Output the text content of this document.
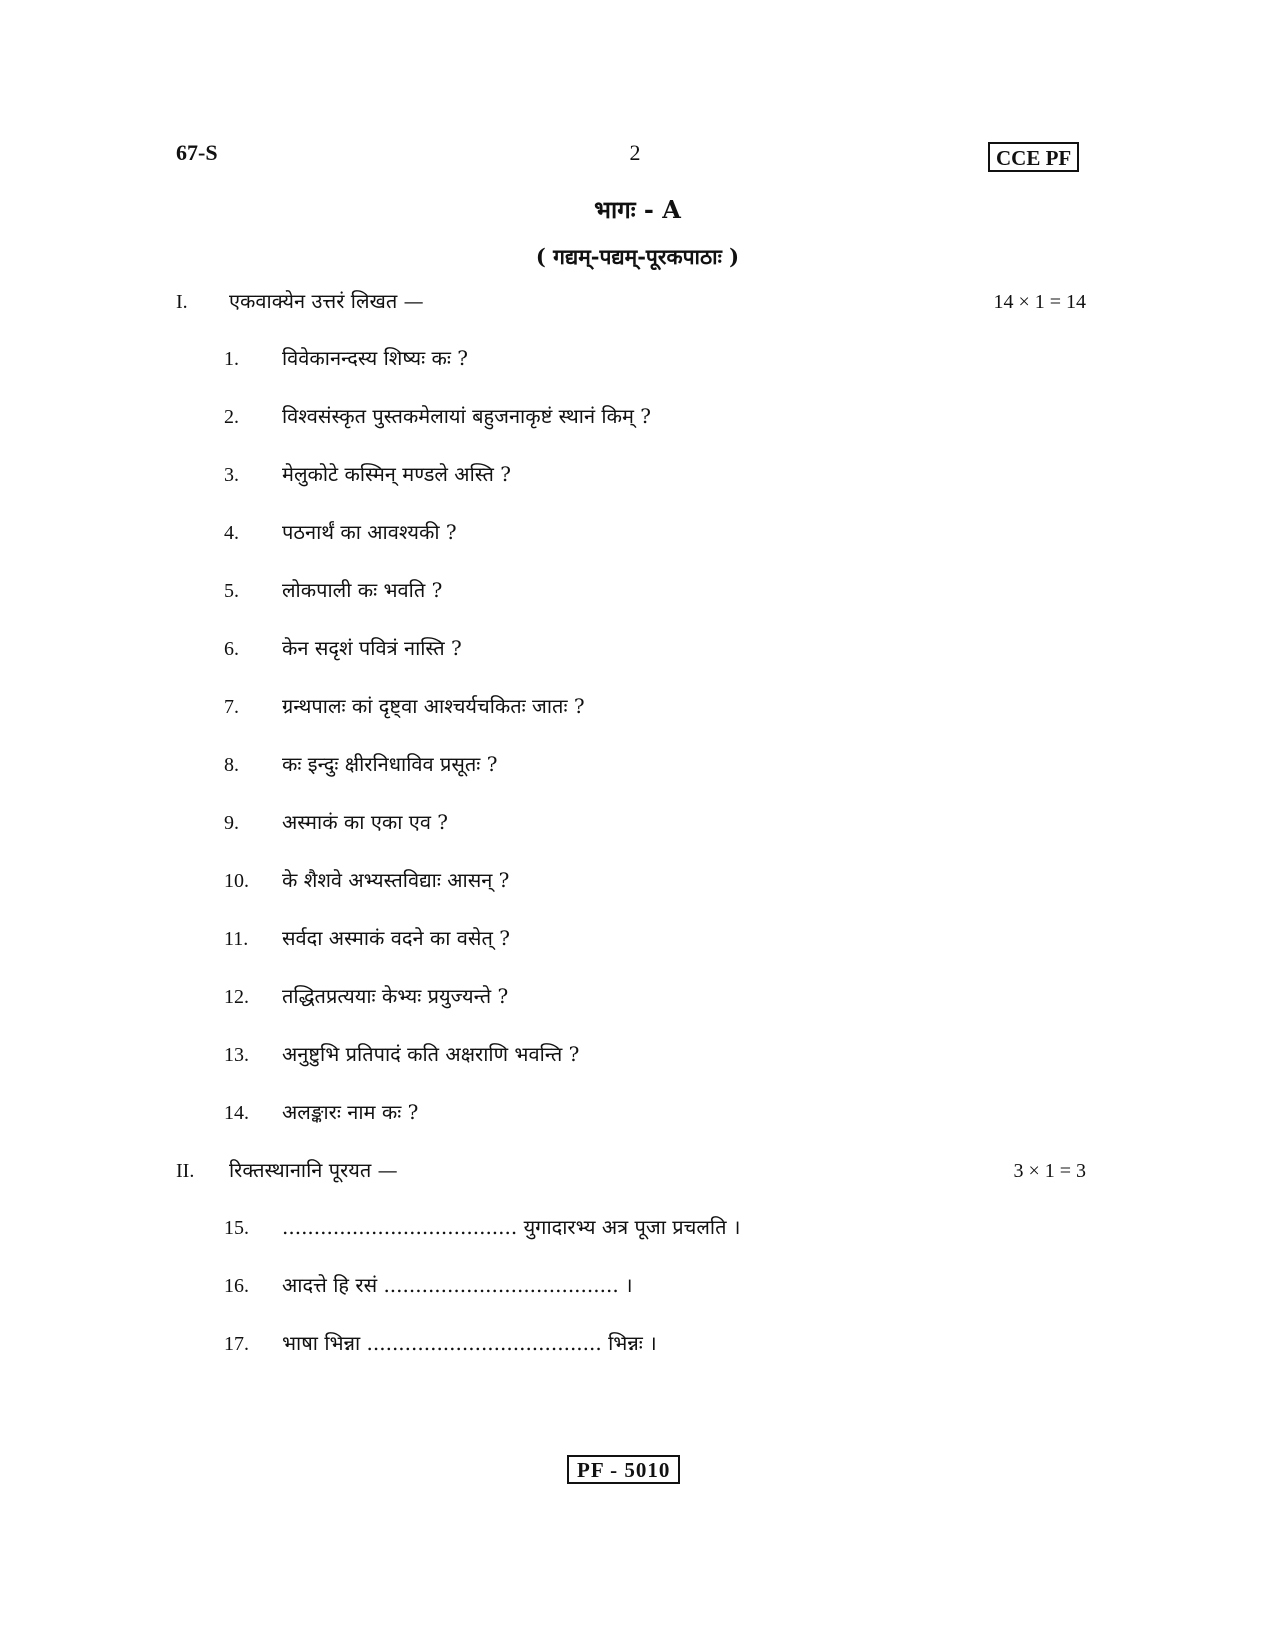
67-S	2	CCE PF
भागः - A
( गद्यम्-पद्यम्-पूरकपाठाः )
I. एकवाक्येन उत्तरं लिखत —	14 × 1 = 14
1.	विवेकानन्दस्य शिष्यः कः ?
2.	विश्वसंस्कृत पुस्तकमेलायां बहुजनाकृष्टं स्थानं किम् ?
3.	मेलुकोटे कस्मिन् मण्डले अस्ति ?
4.	पठनार्थं का आवश्यकी ?
5.	लोकपाली कः भवति ?
6.	केन सदृशं पवित्रं नास्ति ?
7.	ग्रन्थपालः कां दृष्ट्वा आश्चर्यचकितः जातः ?
8.	कः इन्दुः क्षीरनिधाविव प्रसूतः ?
9.	अस्माकं का एका एव ?
10.	के शैशवे अभ्यस्तविद्याः आसन् ?
11.	सर्वदा अस्माकं वदने का वसेत् ?
12.	तद्धितप्रत्ययाः केभ्यः प्रयुज्यन्ते ?
13.	अनुष्टुभि प्रतिपादं कति अक्षराणि भवन्ति ?
14.	अलङ्कारः नाम कः ?
II. रिक्तस्थानानि पूरयत —	3 × 1 = 3
15.	..................................... युगादारभ्य अत्र पूजा प्रचलति ।
16.	आदत्ते हि रसं ..................................... ।
17.	भाषा भिन्ना ..................................... भिन्नः ।
PF - 5010
